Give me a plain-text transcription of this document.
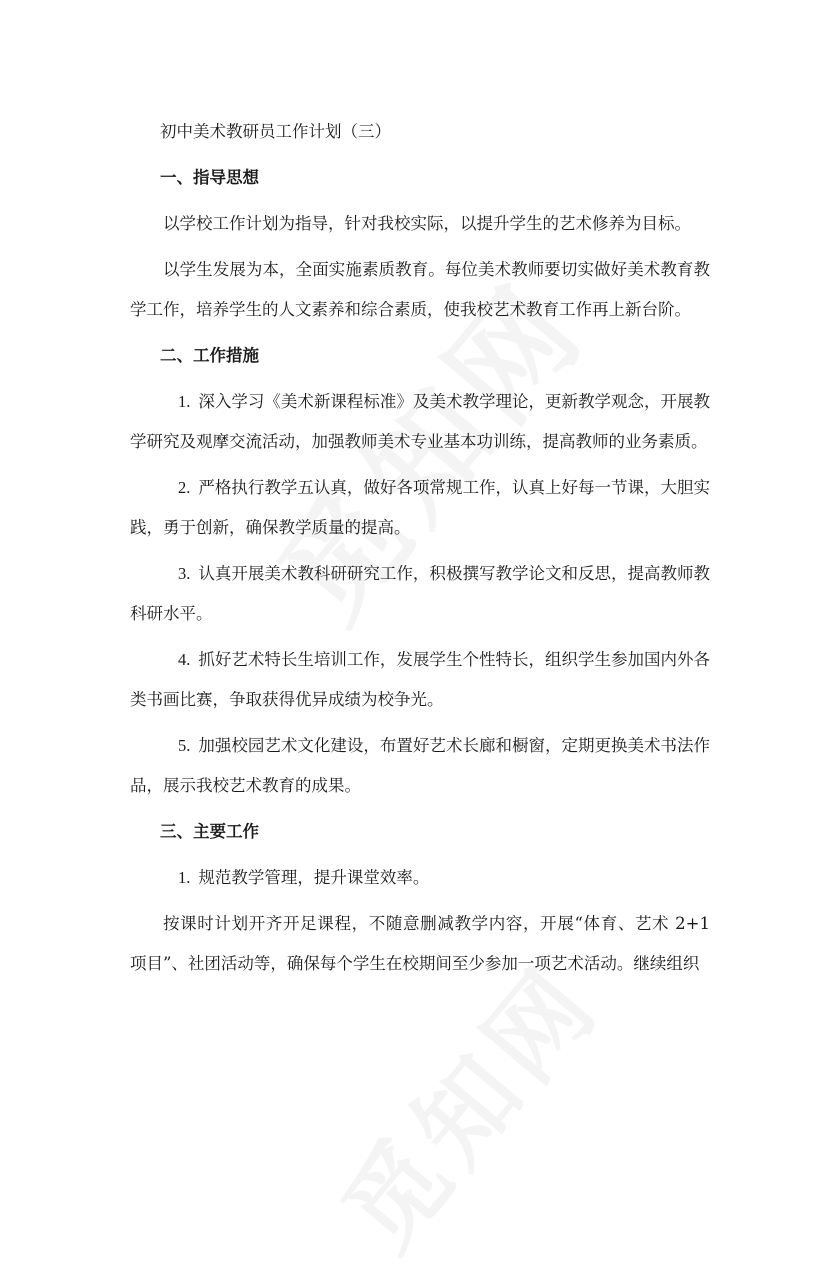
初中美术教研员工作计划（三）

一、指导思想

以学校工作计划为指导，针对我校实际，以提升学生的艺术修养为目标。

以学生发展为本，全面实施素质教育。每位美术教师要切实做好美术教育教学工作，培养学生的人文素养和综合素质，使我校艺术教育工作再上新台阶。

二、工作措施

1. 深入学习《美术新课程标准》及美术教学理论，更新教学观念，开展教学研究及观摩交流活动，加强教师美术专业基本功训练，提高教师的业务素质。

2. 严格执行教学五认真，做好各项常规工作，认真上好每一节课，大胆实践，勇于创新，确保教学质量的提高。

3. 认真开展美术教科研研究工作，积极撰写教学论文和反思，提高教师教科研水平。

4. 抓好艺术特长生培训工作，发展学生个性特长，组织学生参加国内外各类书画比赛，争取获得优异成绩为校争光。

5. 加强校园艺术文化建设，布置好艺术长廊和橱窗，定期更换美术书法作品，展示我校艺术教育的成果。

三、主要工作

1. 规范教学管理，提升课堂效率。

按课时计划开齐开足课程，不随意删减教学内容，开展“体育、艺术 2+1 项目”、社团活动等，确保每个学生在校期间至少参加一项艺术活动。继续组织
